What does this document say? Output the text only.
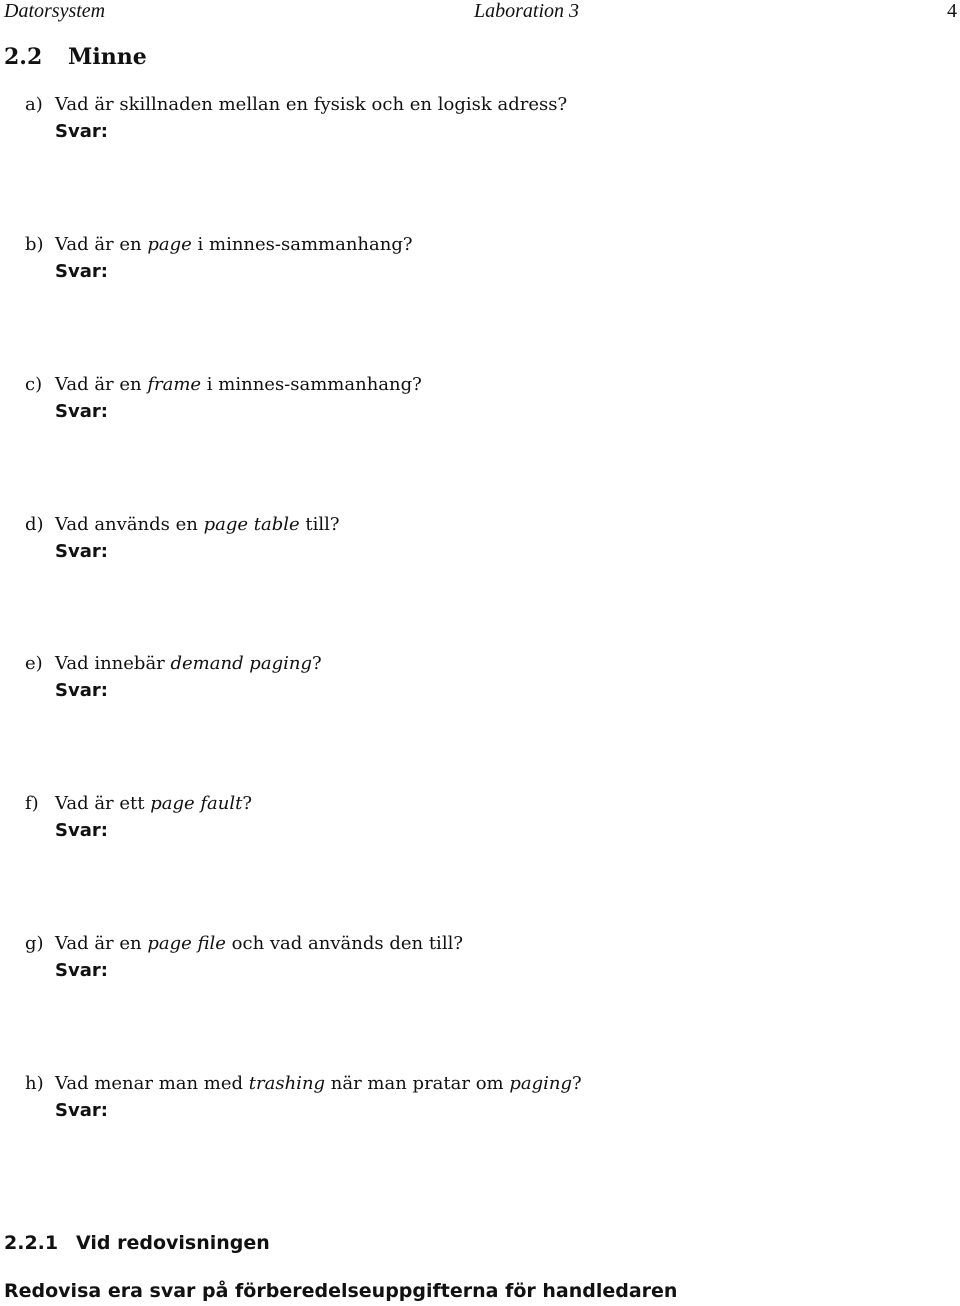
Datorsystem	Laboration 3	4
2.2 Minne
a) Vad är skillnaden mellan en fysisk och en logisk adress?
Svar:
b) Vad är en page i minnes-sammanhang?
Svar:
c) Vad är en frame i minnes-sammanhang?
Svar:
d) Vad används en page table till?
Svar:
e) Vad innebär demand paging?
Svar:
f) Vad är ett page fault?
Svar:
g) Vad är en page file och vad används den till?
Svar:
h) Vad menar man med trashing när man pratar om paging?
Svar:
2.2.1 Vid redovisningen
Redovisa era svar på förberedelseuppgifterna för handledaren
